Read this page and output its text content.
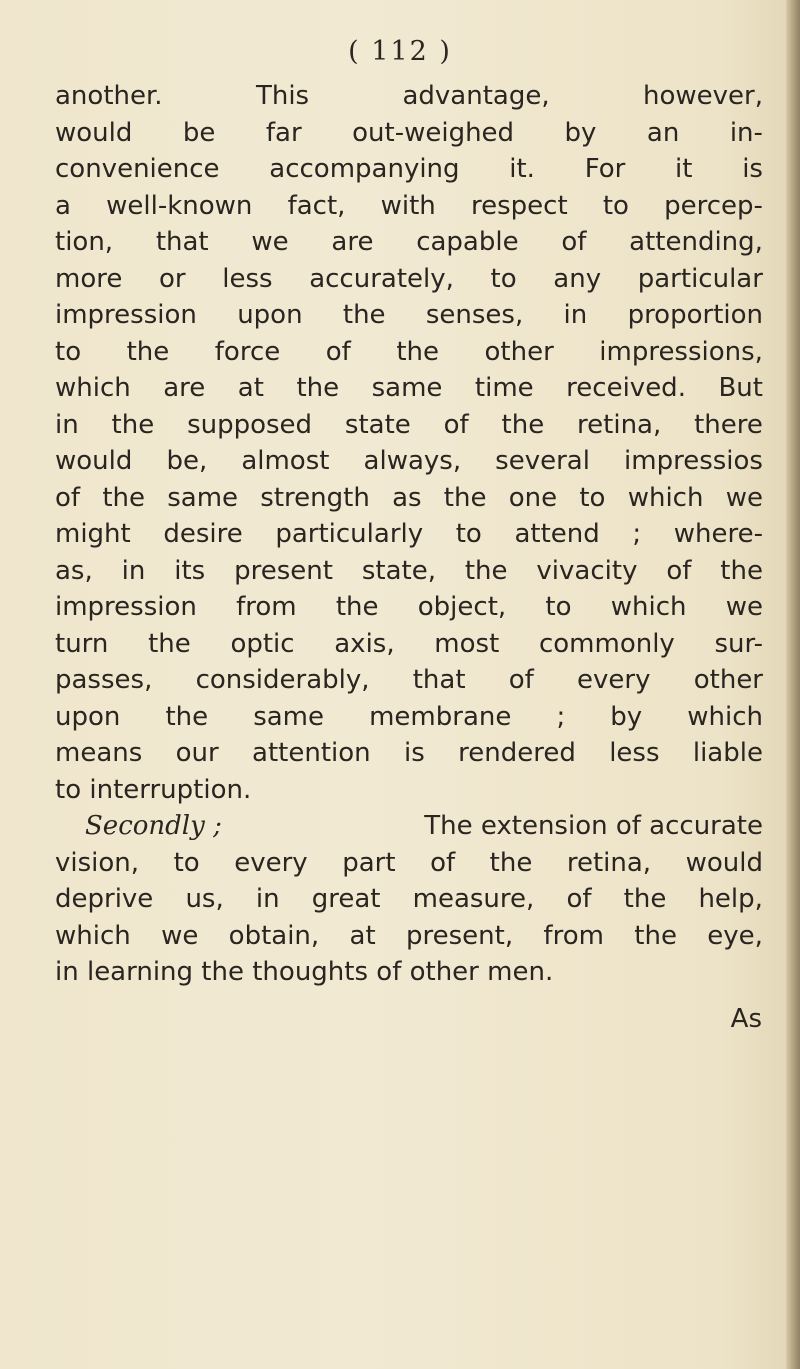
( 112 )
another.	This	advantage,	however,
would be far out-weighed by an in-
convenience accompanying it. For it is
a well-known fact, with respect to percep-
tion, that we are capable of attending,
more or less accurately, to any particular
impression upon the senses, in proportion
to the force of the other impressions,
which are at the same time received. But
in the supposed state of the retina, there
would be, almost always, several impressios
of the same strength as the one to which we
might desire particularly to attend ; where-
as, in its present state, the vivacity of the
impression from the object, to which we
turn the optic axis, most commonly sur-
passes, considerably, that of every other
upon the same membrane ; by which
means our attention is rendered less liable
to interruption.
Secondly ;	The extension of accurate
vision, to every part of the retina, would
deprive us, in great measure, of the help,
which we obtain, at present, from the eye,
in learning the thoughts of other men.
As
